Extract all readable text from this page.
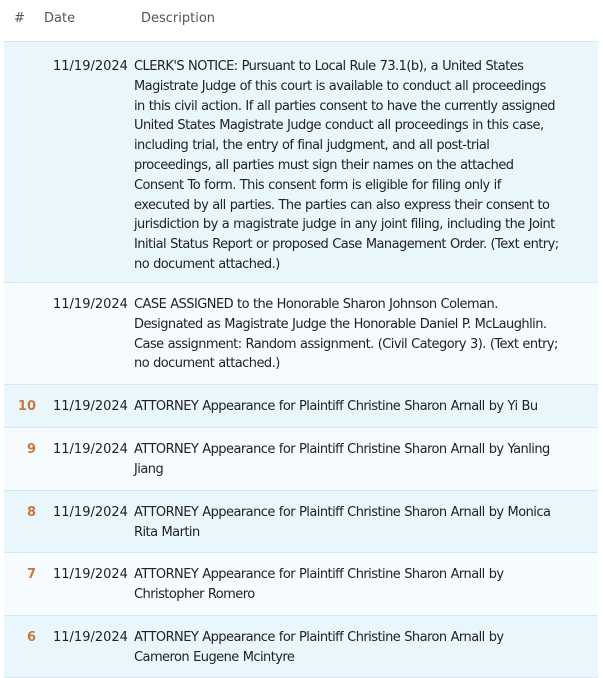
# Date	Description
11/19/2024 CLERK'S NOTICE: Pursuant to Local Rule 73.1(b), a United States
Magistrate Judge of this court is available to conduct all proceedings
in this civil action. If all parties consent to have the currently assigned
United States Magistrate Judge conduct all proceedings in this case,
including trial, the entry of final judgment, and all post-trial
proceedings, all parties must sign their names on the attached
Consent To form. This consent form is eligible for filing only if
executed by all parties. The parties can also express their consent to
jurisdiction by a magistrate judge in any joint filing, including the Joint
Initial Status Report or proposed Case Management Order. (Text entry;
no document attached.)
11/19/2024 CASE ASSIGNED to the Honorable Sharon Johnson Coleman.
Designated as Magistrate Judge the Honorable Daniel P. McLaughlin.
Case assignment: Random assignment. (Civil Category 3). (Text entry;
no document attached.)
10 11/19/2024 ATTORNEY Appearance for Plaintiff Christine Sharon Arnall by Yi Bu
9 11/19/2024 ATTORNEY Appearance for Plaintiff Christine Sharon Arnall by Yanling
Jiang
8 11/19/2024 ATTORNEY Appearance for Plaintiff Christine Sharon Arnall by Monica
Rita Martin
7 11/19/2024 ATTORNEY Appearance for Plaintiff Christine Sharon Arnall by
Christopher Romero
6 11/19/2024 ATTORNEY Appearance for Plaintiff Christine Sharon Arnall by
Cameron Eugene Mcintyre
